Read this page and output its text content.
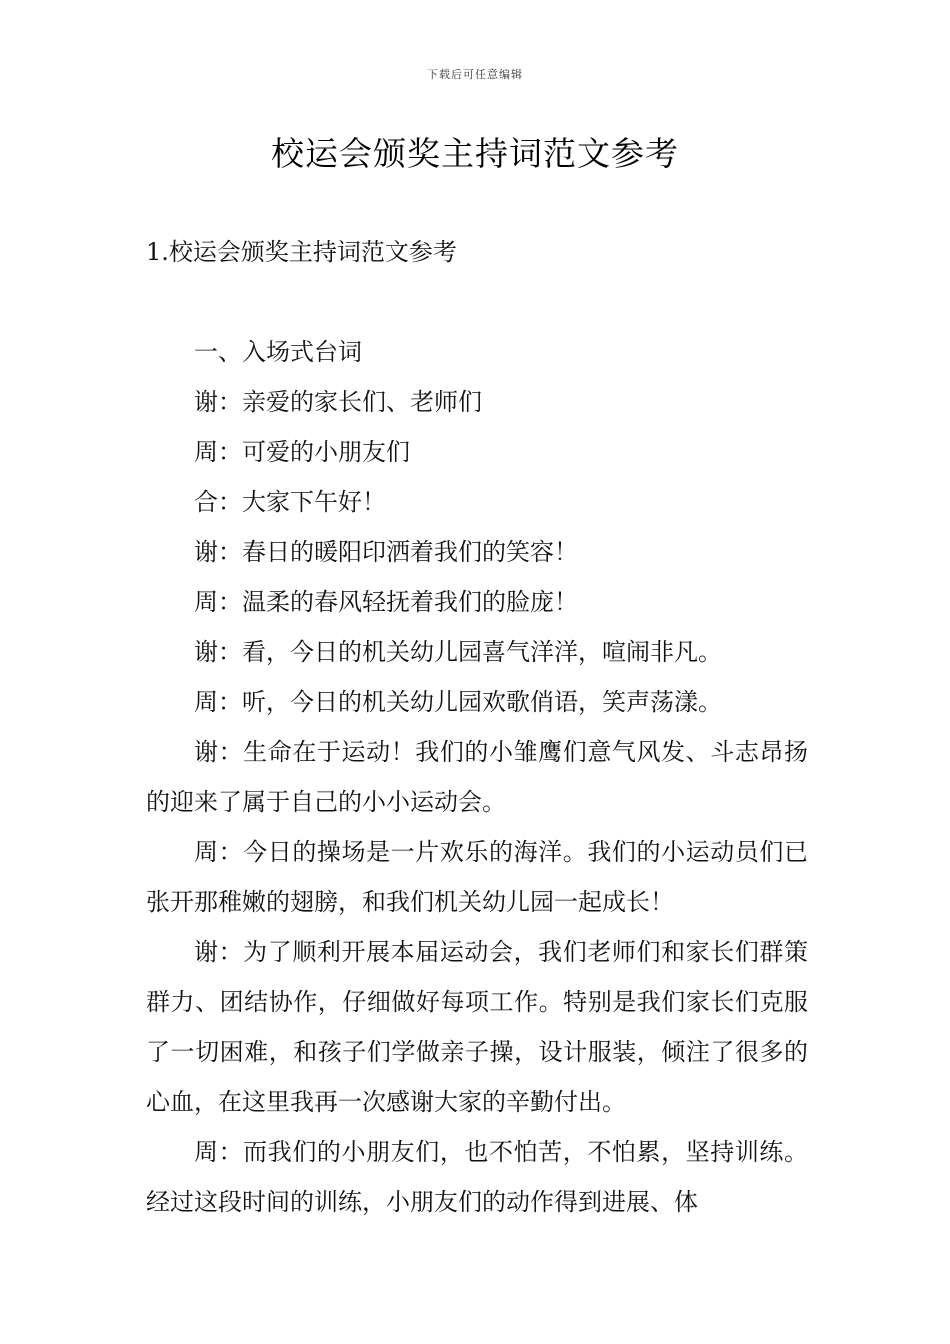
下载后可任意编辑
校运会颁奖主持词范文参考
1.校运会颁奖主持词范文参考

一、入场式台词

谢：亲爱的家长们、老师们

周：可爱的小朋友们

合：大家下午好！

谢：春日的暖阳印洒着我们的笑容！

周：温柔的春风轻抚着我们的脸庞！

谢：看，今日的机关幼儿园喜气洋洋，喧闹非凡。

周：听，今日的机关幼儿园欢歌俏语，笑声荡漾。

谢：生命在于运动！我们的小雏鹰们意气风发、斗志昂扬的迎来了属于自己的小小运动会。

周：今日的操场是一片欢乐的海洋。我们的小运动员们已张开那稚嫩的翅膀，和我们机关幼儿园一起成长！

谢：为了顺利开展本届运动会，我们老师们和家长们群策群力、团结协作，仔细做好每项工作。特别是我们家长们克服了一切困难，和孩子们学做亲子操，设计服装，倾注了很多的心血，在这里我再一次感谢大家的辛勤付出。

周：而我们的小朋友们，也不怕苦，不怕累，坚持训练。经过这段时间的训练，小朋友们的动作得到进展、体
